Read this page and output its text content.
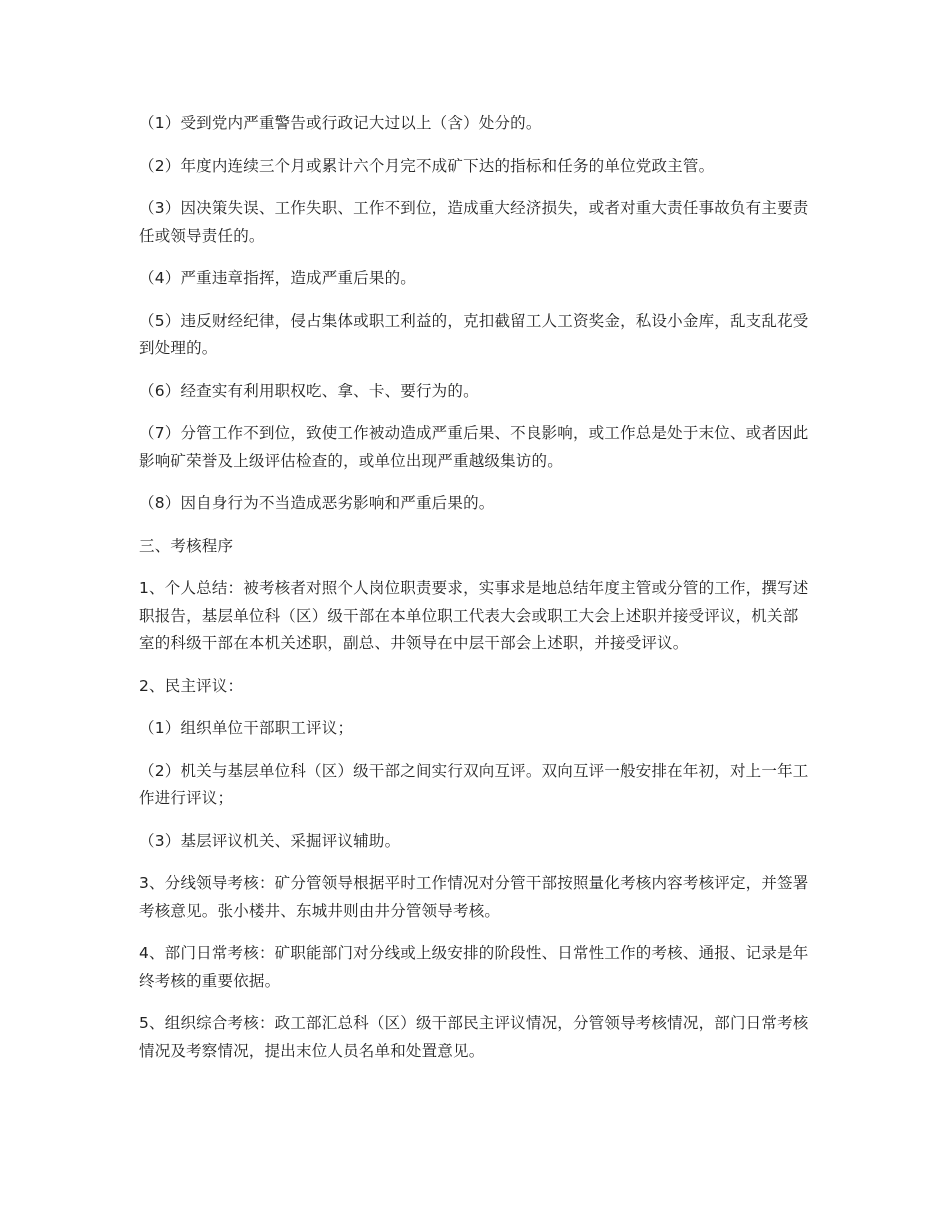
（1）受到党内严重警告或行政记大过以上（含）处分的。

（2）年度内连续三个月或累计六个月完不成矿下达的指标和任务的单位党政主管。

（3）因决策失误、工作失职、工作不到位，造成重大经济损失，或者对重大责任事故负有主要责任或领导责任的。

（4）严重违章指挥，造成严重后果的。

（5）违反财经纪律，侵占集体或职工利益的，克扣截留工人工资奖金，私设小金库，乱支乱花受到处理的。

（6）经查实有利用职权吃、拿、卡、要行为的。

（7）分管工作不到位，致使工作被动造成严重后果、不良影响，或工作总是处于末位、或者因此影响矿荣誉及上级评估检查的，或单位出现严重越级集访的。

（8）因自身行为不当造成恶劣影响和严重后果的。

三、考核程序

1、个人总结：被考核者对照个人岗位职责要求，实事求是地总结年度主管或分管的工作，撰写述职报告，基层单位科（区）级干部在本单位职工代表大会或职工大会上述职并接受评议，机关部室的科级干部在本机关述职，副总、井领导在中层干部会上述职，并接受评议。

2、民主评议：

（1）组织单位干部职工评议；

（2）机关与基层单位科（区）级干部之间实行双向互评。双向互评一般安排在年初，对上一年工作进行评议；

（3）基层评议机关、采掘评议辅助。

3、分线领导考核：矿分管领导根据平时工作情况对分管干部按照量化考核内容考核评定，并签署考核意见。张小楼井、东城井则由井分管领导考核。

4、部门日常考核：矿职能部门对分线或上级安排的阶段性、日常性工作的考核、通报、记录是年终考核的重要依据。

5、组织综合考核：政工部汇总科（区）级干部民主评议情况，分管领导考核情况，部门日常考核情况及考察情况，提出末位人员名单和处置意见。
